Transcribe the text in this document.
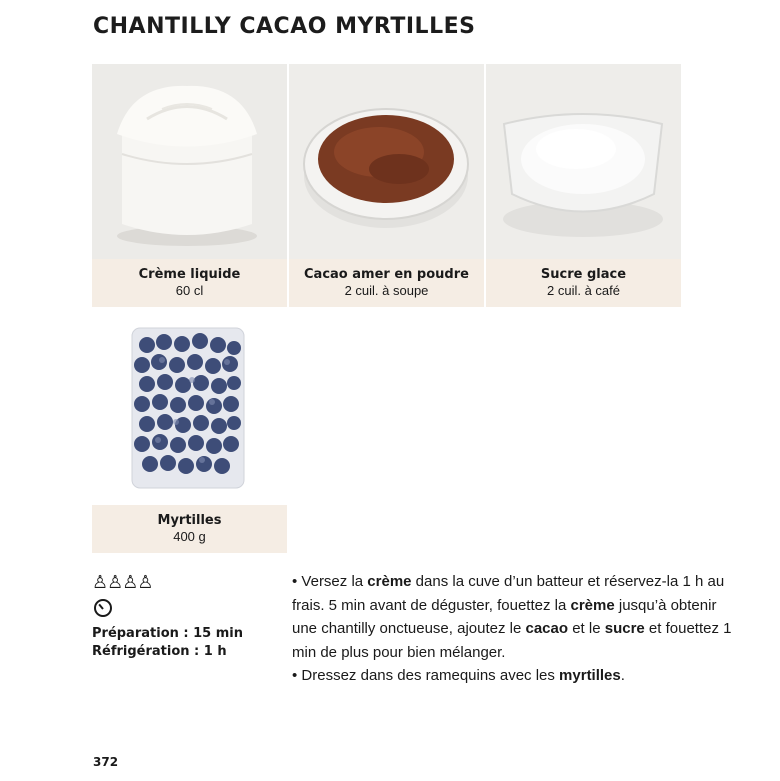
CHANTILLY CACAO MYRTILLES
Crème liquide
60 cl
Cacao amer en poudre
2 cuil. à soupe
Sucre glace
2 cuil. à café
Myrtilles
400 g
♙♙♙♙
Préparation : 15 min
Réfrigération : 1 h

• Versez la crème dans la cuve d’un batteur et réservez-la 1 h au frais. 5 min avant de déguster, fouettez la crème jusqu’à obtenir une chantilly onctueuse, ajoutez le cacao et le sucre et fouettez 1 min de plus pour bien mélanger.

• Dressez dans des ramequins avec les myrtilles.

372
